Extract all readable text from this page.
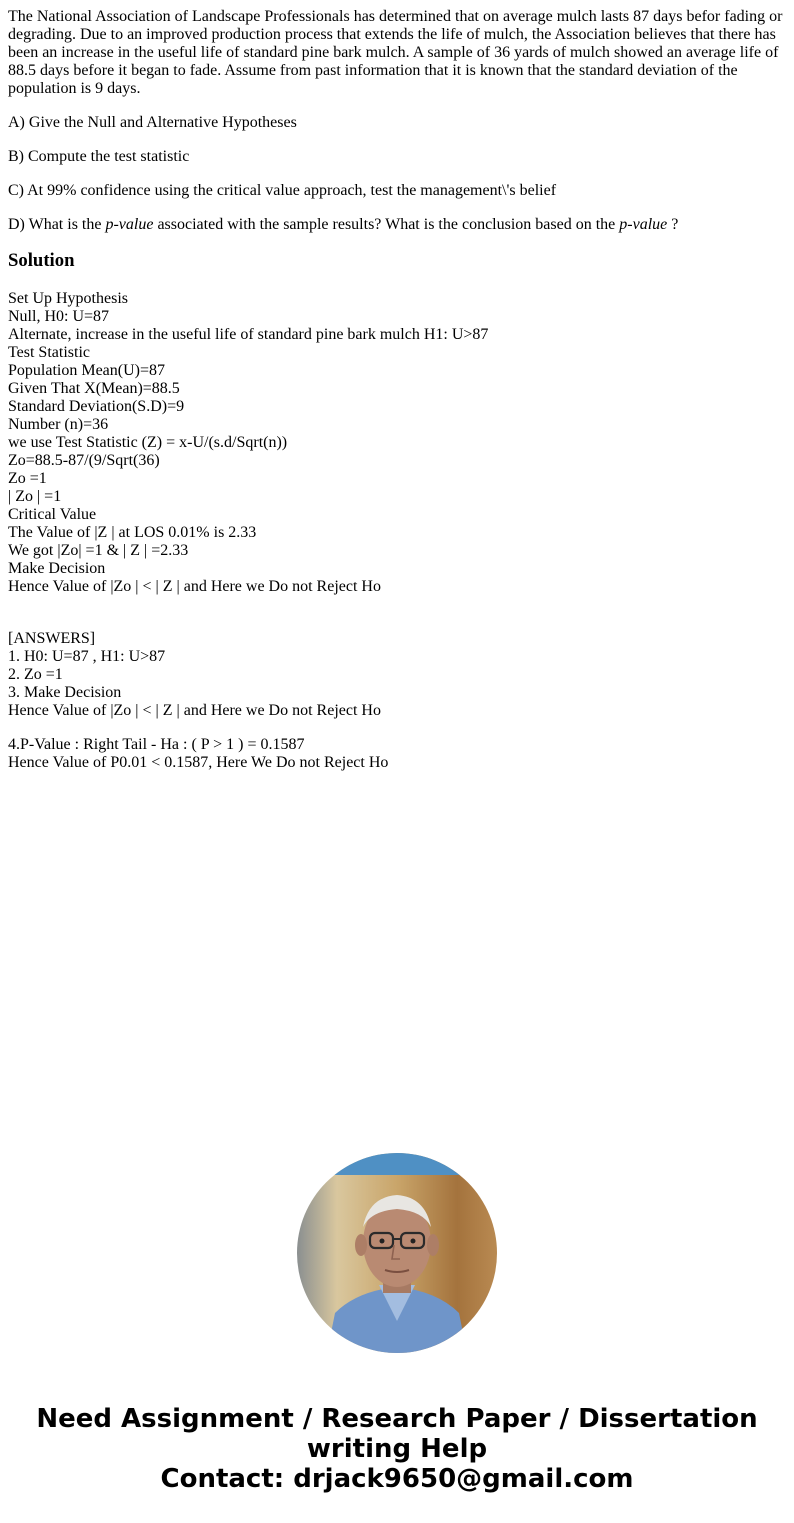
The National Association of Landscape Professionals has determined that on average mulch lasts 87 days befor fading or degrading. Due to an improved production process that extends the life of mulch, the Association believes that there has been an increase in the useful life of standard pine bark mulch. A sample of 36 yards of mulch showed an average life of 88.5 days before it began to fade. Assume from past information that it is known that the standard deviation of the population is 9 days.

A) Give the Null and Alternative Hypotheses

B) Compute the test statistic

C) At 99% confidence using the critical value approach, test the management\'s belief

D) What is the p-value associated with the sample results? What is the conclusion based on the p-value ?

Solution
Set Up Hypothesis
Null, H0: U=87
Alternate, increase in the useful life of standard pine bark mulch H1: U>87
Test Statistic
Population Mean(U)=87
Given That X(Mean)=88.5
Standard Deviation(S.D)=9
Number (n)=36
we use Test Statistic (Z) = x-U/(s.d/Sqrt(n))
Zo=88.5-87/(9/Sqrt(36)
Zo =1
| Zo | =1
Critical Value
The Value of |Z | at LOS 0.01% is 2.33
We got |Zo| =1 & | Z | =2.33
Make Decision
Hence Value of |Zo | < | Z | and Here we Do not Reject Ho
[ANSWERS]
1. H0: U=87 , H1: U>87
2. Zo =1
3. Make Decision
Hence Value of |Zo | < | Z | and Here we Do not Reject Ho
4.P-Value : Right Tail - Ha : ( P > 1 ) = 0.1587
Hence Value of P0.01 < 0.1587, Here We Do not Reject Ho
Need Assignment / Research Paper / Dissertation
writing Help
Contact: drjack9650@gmail.com
